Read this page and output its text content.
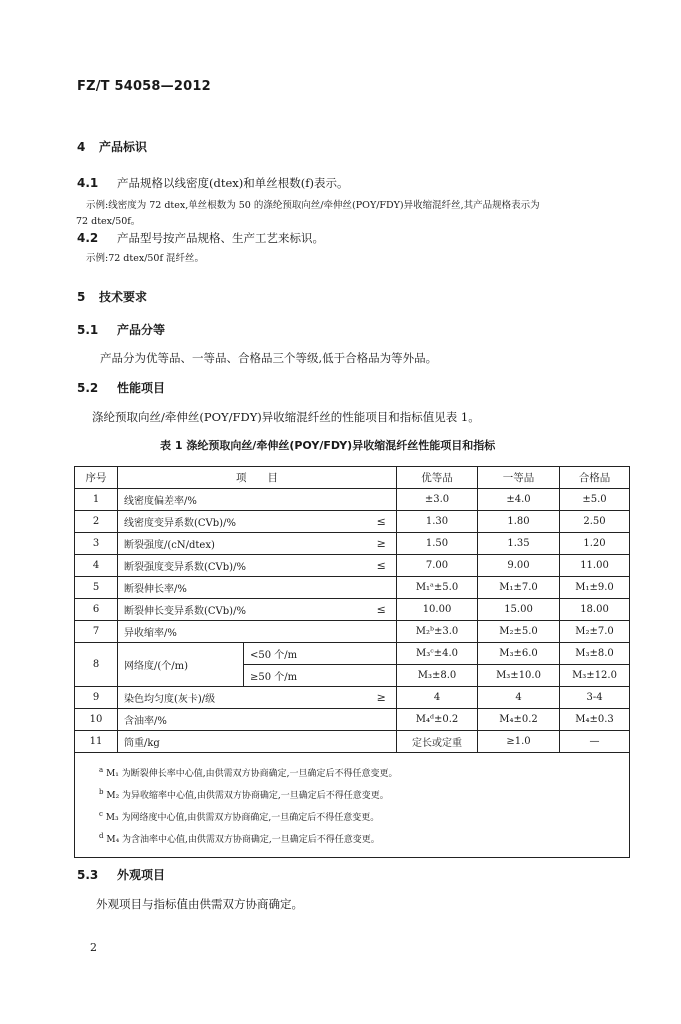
FZ/T 54058—2012
4 产品标识
4.1 产品规格以线密度(dtex)和单丝根数(f)表示。
示例:线密度为 72 dtex,单丝根数为 50 的涤纶预取向丝/牵伸丝(POY/FDY)异收缩混纤丝,其产品规格表示为
72 dtex/50f。
4.2 产品型号按产品规格、生产工艺来标识。
示例:72 dtex/50f 混纤丝。
5 技术要求
5.1 产品分等
产品分为优等品、一等品、合格品三个等级,低于合格品为等外品。
5.2 性能项目
涤纶预取向丝/牵伸丝(POY/FDY)异收缩混纤丝的性能项目和指标值见表 1。
表 1 涤纶预取向丝/牵伸丝(POY/FDY)异收缩混纤丝性能项目和指标
序号	项　　目			优等品	一等品	合格品
1	线密度偏差率/%			±3.0	±4.0	±5.0
2	线密度变异系数(CVb)/%		≤	1.30	1.80	2.50
3	断裂强度/(cN/dtex)		≥	1.50	1.35	1.20
4	断裂强度变异系数(CVb)/%		≤	7.00	9.00	11.00
5	断裂伸长率/%			M₁ᵃ±5.0	M₁±7.0	M₁±9.0
6	断裂伸长变异系数(CVb)/%		≤	10.00	15.00	18.00
7	异收缩率/%			M₂ᵇ±3.0	M₂±5.0	M₂±7.0
8	网络度/(个/m)	<50 个/m		M₃ᶜ±4.0	M₃±6.0	M₃±8.0
		≥50 个/m		M₃±8.0	M₃±10.0	M₃±12.0
9	染色均匀度(灰卡)/级		≥	4	4	3-4
10	含油率/%			M₄ᵈ±0.2	M₄±0.2	M₄±0.3
11	筒重/kg			定长或定重	≥1.0	—

$^a$ M₁ 为断裂伸长率中心值,由供需双方协商确定,一旦确定后不得任意变更。
$^b$ M₂ 为异收缩率中心值,由供需双方协商确定,一旦确定后不得任意变更。
$^c$ M₃ 为网络度中心值,由供需双方协商确定,一旦确定后不得任意变更。
$^d$ M₄ 为含油率中心值,由供需双方协商确定,一旦确定后不得任意变更。						
5.3 外观项目
外观项目与指标值由供需双方协商确定。
2
